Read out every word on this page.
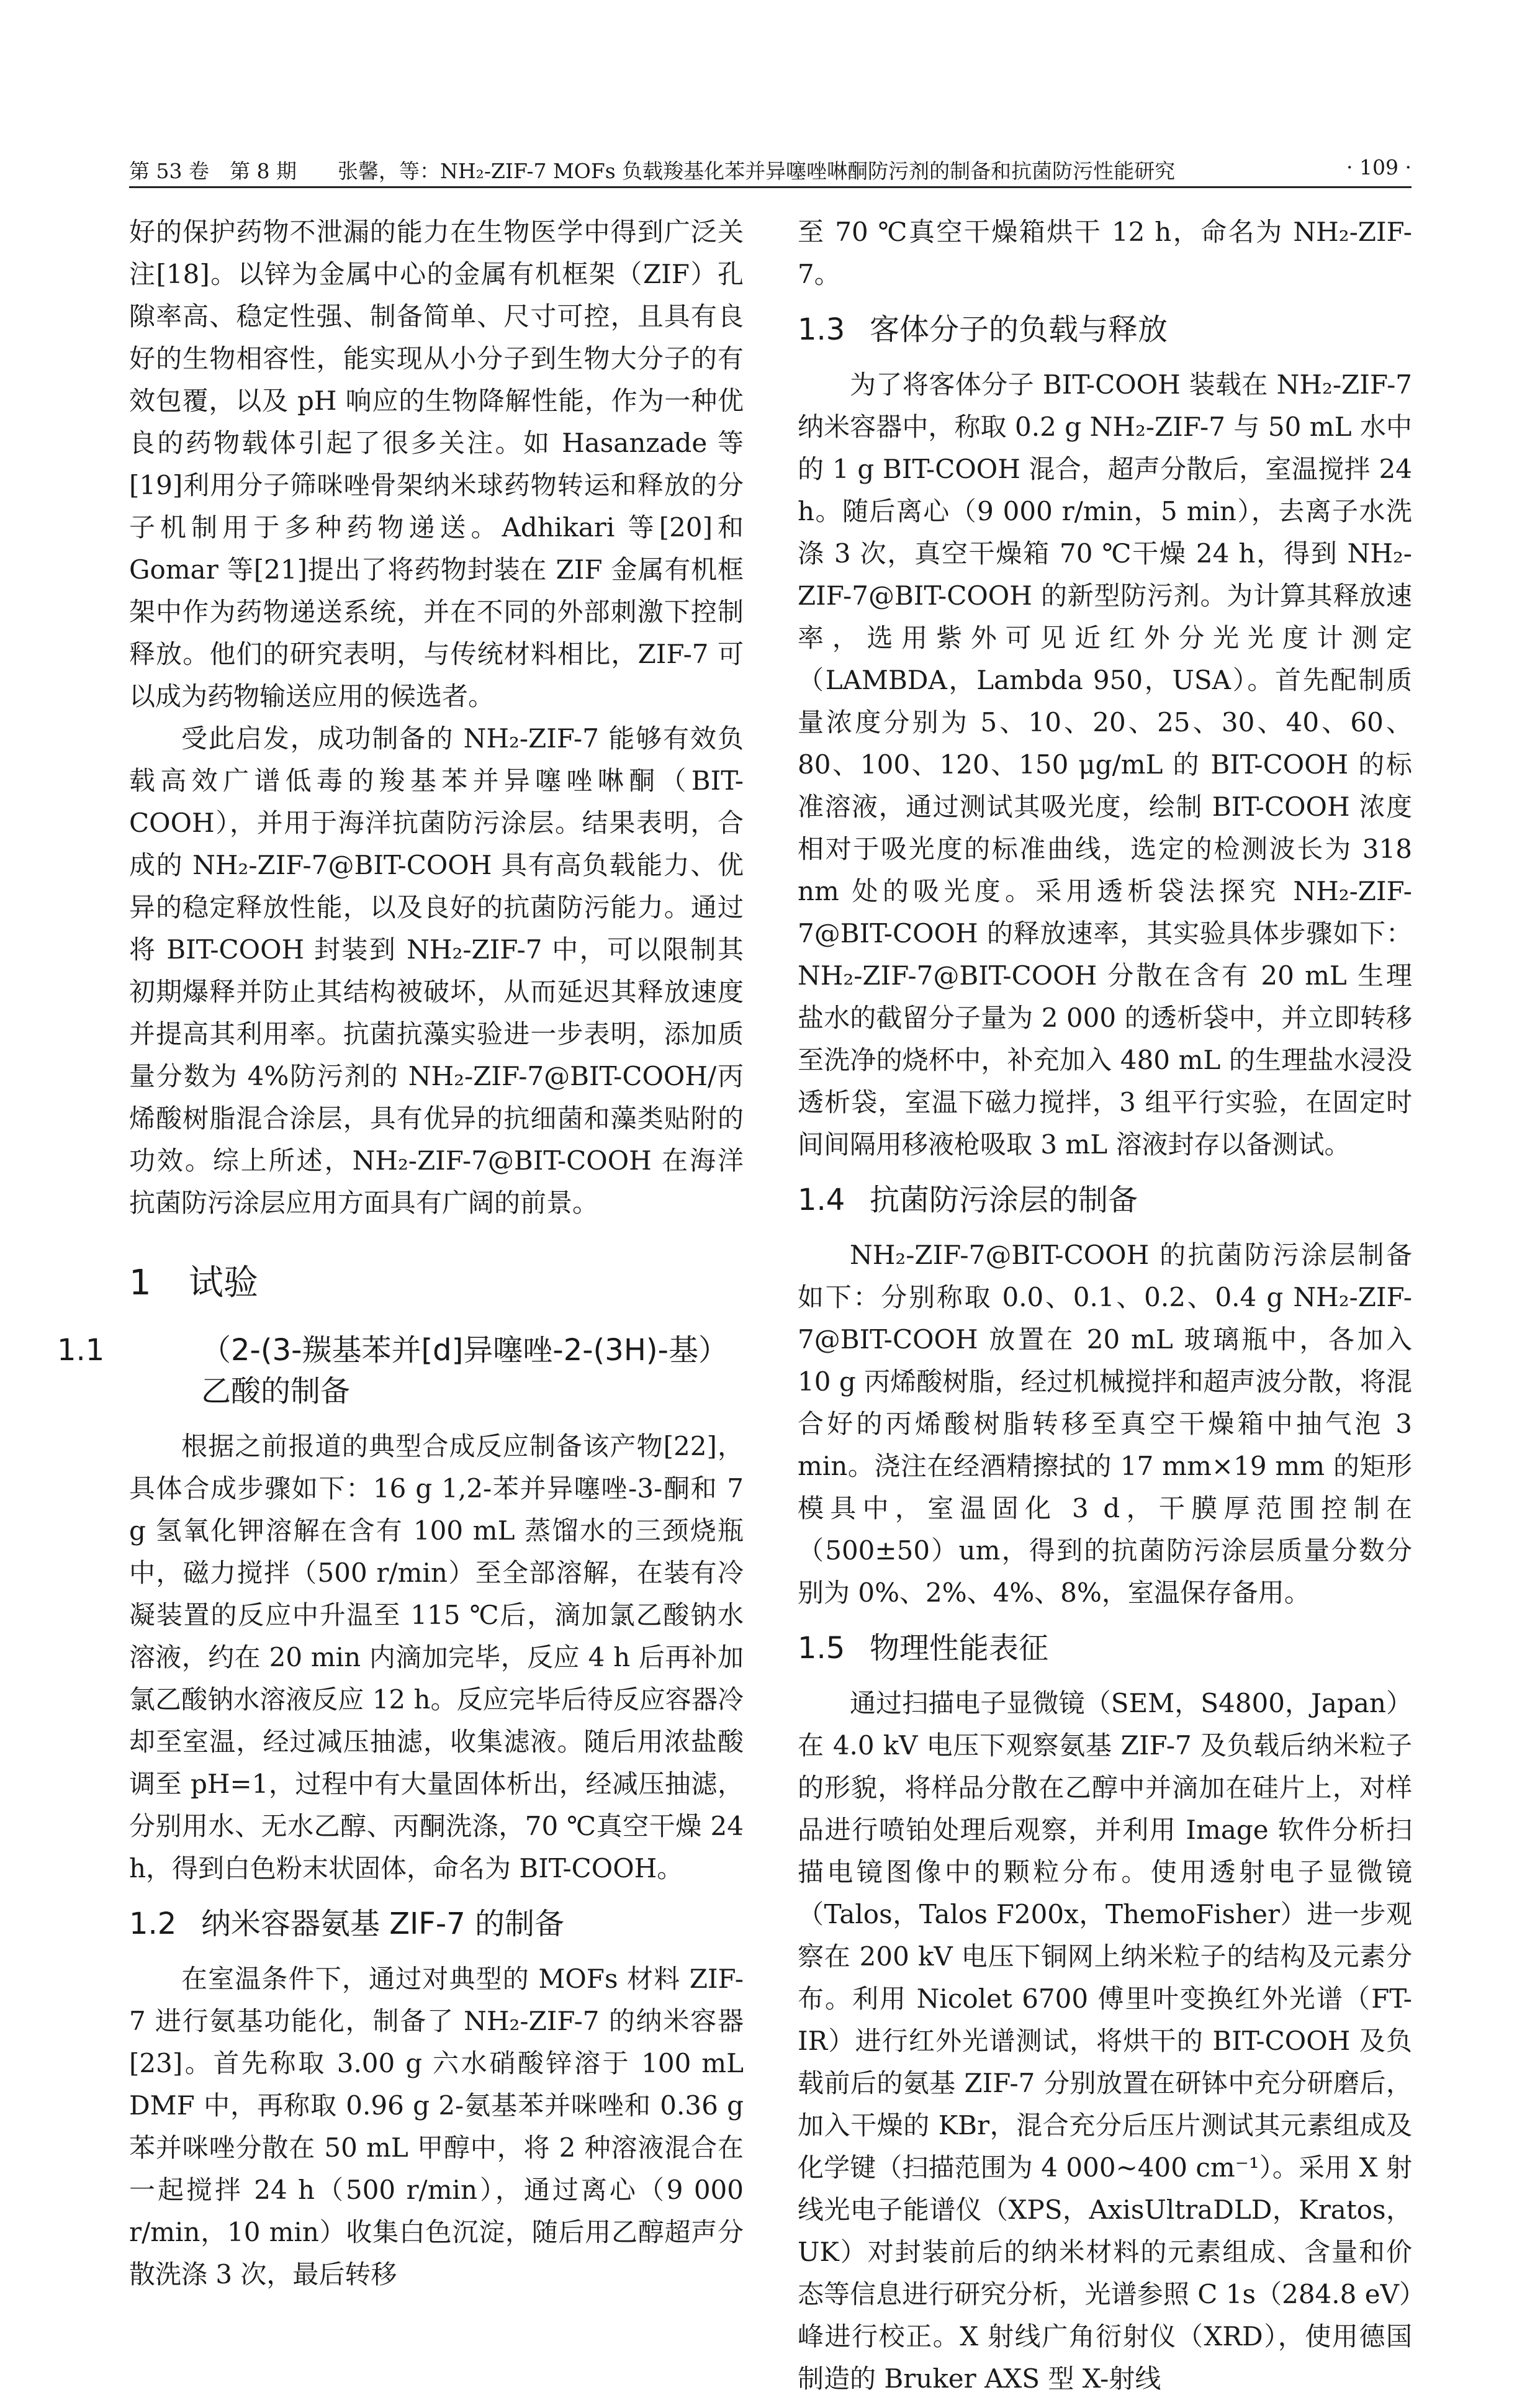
第 53 卷　第 8 期　　张馨，等：NH₂-ZIF-7 MOFs 负载羧基化苯并异噻唑啉酮防污剂的制备和抗菌防污性能研究	· 109 ·

好的保护药物不泄漏的能力在生物医学中得到广泛关注[18]。以锌为金属中心的金属有机框架（ZIF）孔隙率高、稳定性强、制备简单、尺寸可控，且具有良好的生物相容性，能实现从小分子到生物大分子的有效包覆，以及 pH 响应的生物降解性能，作为一种优良的药物载体引起了很多关注。如 Hasanzade 等[19]利用分子筛咪唑骨架纳米球药物转运和释放的分子机制用于多种药物递送。Adhikari 等[20]和 Gomar 等[21]提出了将药物封装在 ZIF 金属有机框架中作为药物递送系统，并在不同的外部刺激下控制释放。他们的研究表明，与传统材料相比，ZIF-7 可以成为药物输送应用的候选者。

受此启发，成功制备的 NH₂-ZIF-7 能够有效负载高效广谱低毒的羧基苯并异噻唑啉酮（BIT-COOH），并用于海洋抗菌防污涂层。结果表明，合成的 NH₂-ZIF-7@BIT-COOH 具有高负载能力、优异的稳定释放性能，以及良好的抗菌防污能力。通过将 BIT-COOH 封装到 NH₂-ZIF-7 中，可以限制其初期爆释并防止其结构被破坏，从而延迟其释放速度并提高其利用率。抗菌抗藻实验进一步表明，添加质量分数为 4%防污剂的 NH₂-ZIF-7@BIT-COOH/丙烯酸树脂混合涂层，具有优异的抗细菌和藻类贴附的功效。综上所述，NH₂-ZIF-7@BIT-COOH 在海洋抗菌防污涂层应用方面具有广阔的前景。

1 试验
1.1	（2-(3-羰基苯并[d]异噻唑-2-(3H)-基）乙酸的制备

根据之前报道的典型合成反应制备该产物[22]，具体合成步骤如下：16 g 1,2-苯并异噻唑-3-酮和 7 g 氢氧化钾溶解在含有 100 mL 蒸馏水的三颈烧瓶中，磁力搅拌（500 r/min）至全部溶解，在装有冷凝装置的反应中升温至 115 ℃后，滴加氯乙酸钠水溶液，约在 20 min 内滴加完毕，反应 4 h 后再补加氯乙酸钠水溶液反应 12 h。反应完毕后待反应容器冷却至室温，经过减压抽滤，收集滤液。随后用浓盐酸调至 pH=1，过程中有大量固体析出，经减压抽滤，分别用水、无水乙醇、丙酮洗涤，70 ℃真空干燥 24 h，得到白色粉末状固体，命名为 BIT-COOH。

1.2 纳米容器氨基 ZIF-7 的制备

在室温条件下，通过对典型的 MOFs 材料 ZIF-7 进行氨基功能化，制备了 NH₂-ZIF-7 的纳米容器[23]。首先称取 3.00 g 六水硝酸锌溶于 100 mL DMF 中，再称取 0.96 g 2-氨基苯并咪唑和 0.36 g 苯并咪唑分散在 50 mL 甲醇中，将 2 种溶液混合在一起搅拌 24 h（500 r/min），通过离心（9 000 r/min，10 min）收集白色沉淀，随后用乙醇超声分散洗涤 3 次，最后转移

至 70 ℃真空干燥箱烘干 12 h，命名为 NH₂-ZIF-7。

1.3 客体分子的负载与释放

为了将客体分子 BIT-COOH 装载在 NH₂-ZIF-7 纳米容器中，称取 0.2 g NH₂-ZIF-7 与 50 mL 水中的 1 g BIT-COOH 混合，超声分散后，室温搅拌 24 h。随后离心（9 000 r/min，5 min），去离子水洗涤 3 次，真空干燥箱 70 ℃干燥 24 h，得到 NH₂-ZIF-7@BIT-COOH 的新型防污剂。为计算其释放速率，选用紫外可见近红外分光光度计测定（LAMBDA，Lambda 950，USA）。首先配制质量浓度分别为 5、10、20、25、30、40、60、80、100、120、150 μg/mL 的 BIT-COOH 的标准溶液，通过测试其吸光度，绘制 BIT-COOH 浓度相对于吸光度的标准曲线，选定的检测波长为 318 nm 处的吸光度。采用透析袋法探究 NH₂-ZIF-7@BIT-COOH 的释放速率，其实验具体步骤如下：NH₂-ZIF-7@BIT-COOH 分散在含有 20 mL 生理盐水的截留分子量为 2 000 的透析袋中，并立即转移至洗净的烧杯中，补充加入 480 mL 的生理盐水浸没透析袋，室温下磁力搅拌，3 组平行实验，在固定时间间隔用移液枪吸取 3 mL 溶液封存以备测试。

1.4 抗菌防污涂层的制备

NH₂-ZIF-7@BIT-COOH 的抗菌防污涂层制备如下：分别称取 0.0、0.1、0.2、0.4 g NH₂-ZIF-7@BIT-COOH 放置在 20 mL 玻璃瓶中，各加入 10 g 丙烯酸树脂，经过机械搅拌和超声波分散，将混合好的丙烯酸树脂转移至真空干燥箱中抽气泡 3 min。浇注在经酒精擦拭的 17 mm×19 mm 的矩形模具中，室温固化 3 d，干膜厚范围控制在（500±50）um，得到的抗菌防污涂层质量分数分别为 0%、2%、4%、8%，室温保存备用。

1.5 物理性能表征

通过扫描电子显微镜（SEM，S4800，Japan）在 4.0 kV 电压下观察氨基 ZIF-7 及负载后纳米粒子的形貌，将样品分散在乙醇中并滴加在硅片上，对样品进行喷铂处理后观察，并利用 Image 软件分析扫描电镜图像中的颗粒分布。使用透射电子显微镜（Talos，Talos F200x，ThemoFisher）进一步观察在 200 kV 电压下铜网上纳米粒子的结构及元素分布。利用 Nicolet 6700 傅里叶变换红外光谱（FT-IR）进行红外光谱测试，将烘干的 BIT-COOH 及负载前后的氨基 ZIF-7 分别放置在研钵中充分研磨后，加入干燥的 KBr，混合充分后压片测试其元素组成及化学键（扫描范围为 4 000~400 cm⁻¹）。采用 X 射线光电子能谱仪（XPS，AxisUltraDLD，Kratos，UK）对封装前后的纳米材料的元素组成、含量和价态等信息进行研究分析，光谱参照 C 1s（284.8 eV）峰进行校正。X 射线广角衍射仪（XRD），使用德国制造的 Bruker AXS 型 X-射线
